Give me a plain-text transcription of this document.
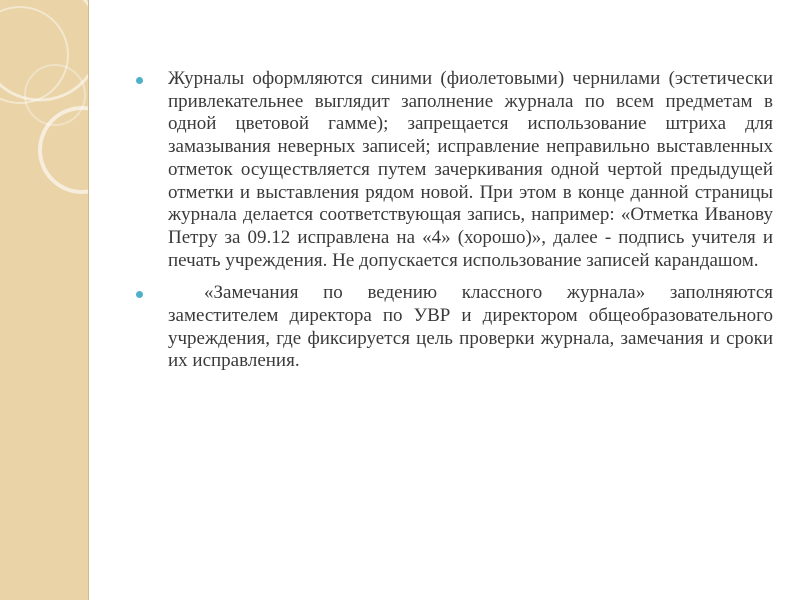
Журналы оформляются синими (фиолетовыми) чернилами (эстетически привлекательнее выглядит заполнение журнала по всем предметам в одной цветовой гамме); запрещается использование штриха для замазывания неверных записей; исправление неправильно выставленных отметок осуществляется путем зачеркивания одной чертой предыдущей отметки и выставления рядом новой. При этом в конце данной страницы журнала делается соответствующая запись, например: «Отметка Иванову Петру за 09.12 исправлена на «4» (хорошо)», далее - подпись учителя и печать учреждения. Не допускается использование записей карандашом.

«Замечания по ведению классного журнала» заполняются заместителем директора по УВР и директором общеобразовательного учреждения, где фиксируется цель проверки журнала, замечания и сроки их исправления.
